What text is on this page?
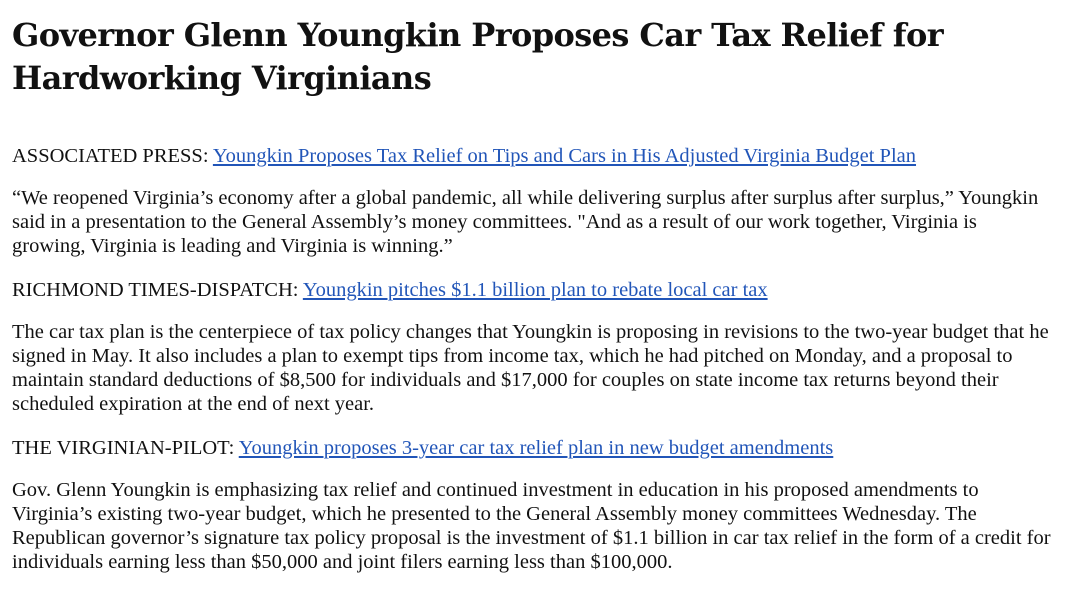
Governor Glenn Youngkin Proposes Car Tax Relief for Hardworking Virginians

ASSOCIATED PRESS: Youngkin Proposes Tax Relief on Tips and Cars in His Adjusted Virginia Budget Plan

“We reopened Virginia’s economy after a global pandemic, all while delivering surplus after surplus after surplus,” Youngkin said in a presentation to the General Assembly’s money committees. "And as a result of our work together, Virginia is growing, Virginia is leading and Virginia is winning.”

RICHMOND TIMES-DISPATCH: Youngkin pitches $1.1 billion plan to rebate local car tax

The car tax plan is the centerpiece of tax policy changes that Youngkin is proposing in revisions to the two-year budget that he signed in May. It also includes a plan to exempt tips from income tax, which he had pitched on Monday, and a proposal to maintain standard deductions of $8,500 for individuals and $17,000 for couples on state income tax returns beyond their scheduled expiration at the end of next year.

THE VIRGINIAN-PILOT: Youngkin proposes 3-year car tax relief plan in new budget amendments

Gov. Glenn Youngkin is emphasizing tax relief and continued investment in education in his proposed amendments to Virginia’s existing two-year budget, which he presented to the General Assembly money committees Wednesday. The Republican governor’s signature tax policy proposal is the investment of $1.1 billion in car tax relief in the form of a credit for individuals earning less than $50,000 and joint filers earning less than $100,000.
